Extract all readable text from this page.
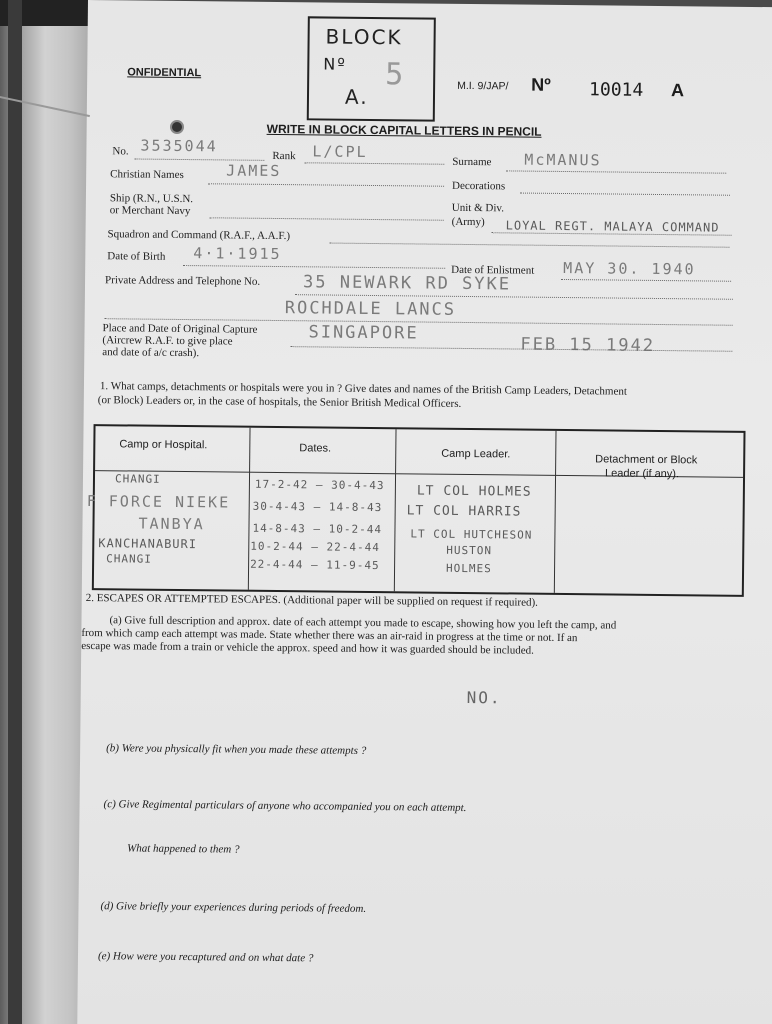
ONFIDENTIAL
BLOCK
Nº
A.
5	M.I. 9/JAP/ Nº 10014 A
WRITE IN BLOCK CAPITAL LETTERS IN PENCIL
No. 3535044
Rank L/CPL
Surname McMANUS
Christian Names	JAMES
Decorations
Ship (R.N., U.S.N.
or Merchant Navy	Unit & Div.
(Army) LOYAL REGT. MALAYA COMMAND
Squadron and Command (R.A.F., A.A.F.)
Date of Birth 4·1·1915
Date of Enlistment MAY 30. 1940
Private Address and Telephone No.	35 NEWARK RD SYKE
ROCHDALE LANCS
Place and Date of Original Capture
(Aircrew R.A.F. to give place
and date of a/c crash).
SINGAPORE
FEB 15 1942
1. What camps, detachments or hospitals were you in ? Give dates and names of the British Camp Leaders, Detachment
(or Block) Leaders or, in the case of hospitals, the Senior British Medical Officers.
Camp or Hospital.	Dates.	Camp Leader.	Detachment or Block
Leader (if any).
CHANGI	17-2-42 – 30-4-43 LT COL HOLMES
F FORCE NIEKE 30-4-43 – 14-8-43 LT COL HARRIS
TANBYA	14-8-43 – 10-2-44	LT COL HUTCHESON
KANCHANABURI	10-2-44 – 22-4-44	HUSTON
CHANGI	22-4-44 – 11-9-45	HOLMES
2. ESCAPES OR ATTEMPTED ESCAPES. (Additional paper will be supplied on request if required).
(a) Give full description and approx. date of each attempt you made to escape, showing how you left the camp, and
from which camp each attempt was made. State whether there was an air-raid in progress at the time or not. If an
escape was made from a train or vehicle the approx. speed and how it was guarded should be included.
NO.
(b) Were you physically fit when you made these attempts ?
(c) Give Regimental particulars of anyone who accompanied you on each attempt.
What happened to them ?
(d) Give briefly your experiences during periods of freedom.
(e) How were you recaptured and on what date ?
